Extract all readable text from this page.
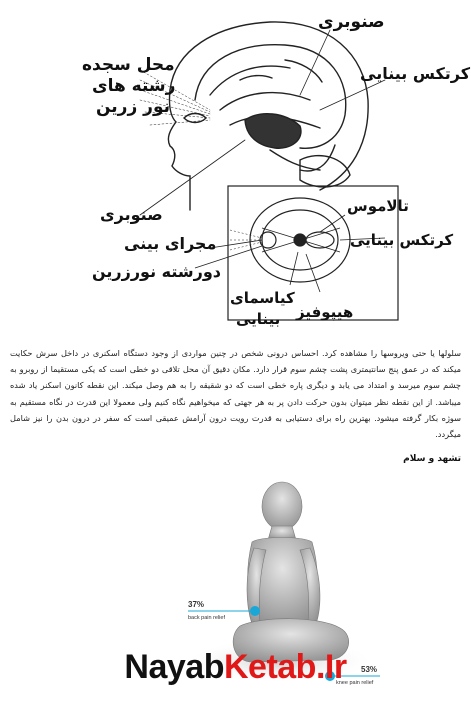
صنوبری
کرتکس بینایی
محل سجده
رشته های
نور زرین
صنوبری
مجرای بینی
دورشته نورزرین
تالاموس
کرتکس بینایی
کیاسمای
بینایی هیپوفیز
سلولها یا حتی ویروسها را مشاهده کرد. احساس درونی شخص در چنین مواردی از وجود دستگاه اسکنری در داخل سرش حکایت میکند که در عمق پنج سانتیمتری پشت چشم سوم قرار دارد. مکان دقیق آن محل تلاقی دو خطی است که یکی مستقیما از روبرو به چشم سوم میرسد و امتداد می یابد و دیگری پاره خطی است که دو شقیقه را به هم وصل میکند. این نقطه کانون اسکنر یاد شده میباشد. از این نقطه نظر میتوان بدون حرکت دادن پر به هر جهتی که میخواهیم نگاه کنیم ولی معمولا این قدرت در نگاه مستقیم به سوژه بکار گرفته میشود. بهترین راه برای دستیابی به قدرت رویت درون آرامش عمیقی است که سفر در درون بدن را نیز شامل میگردد.
تشهد و سلام
37%
back pain relief
53%
knee pain relief
NayabKetab.Ir
